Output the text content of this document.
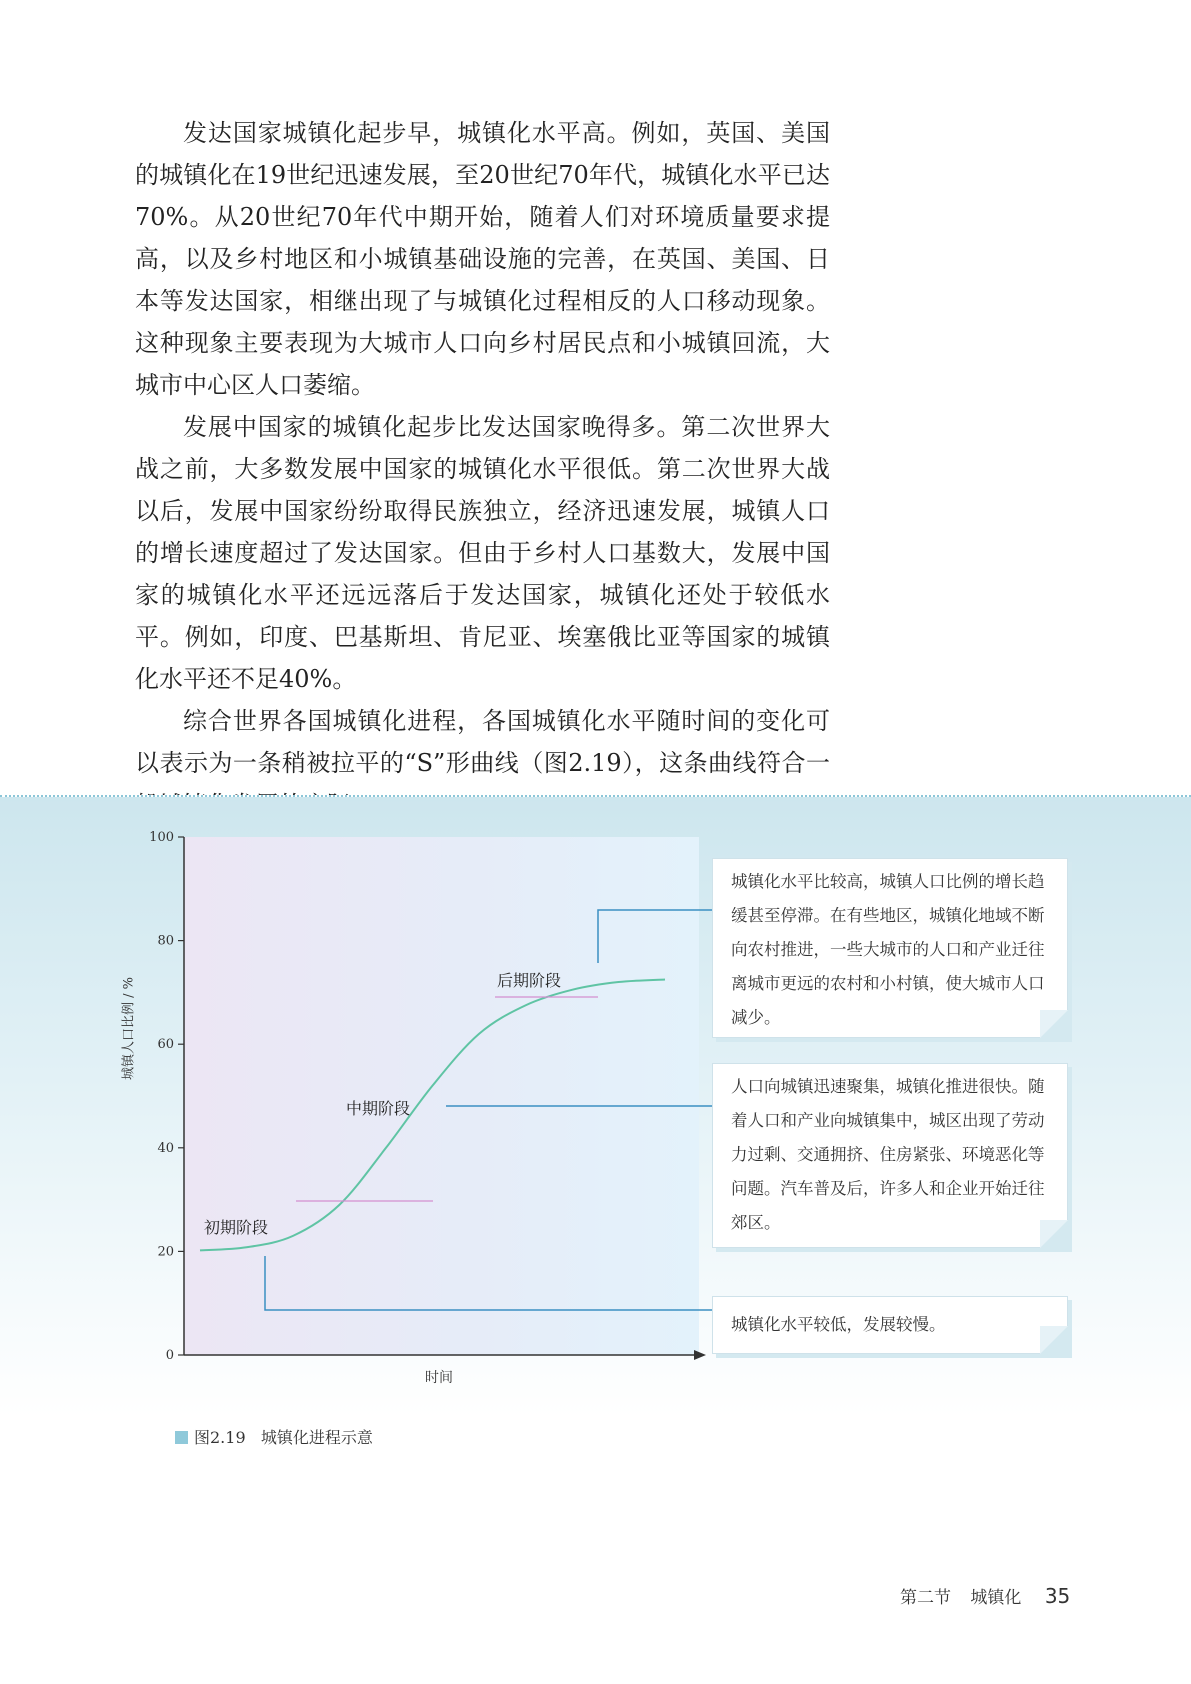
发达国家城镇化起步早，城镇化水平高。例如，英国、美国的城镇化在19世纪迅速发展，至20世纪70年代，城镇化水平已达70%。从20世纪70年代中期开始，随着人们对环境质量要求提高，以及乡村地区和小城镇基础设施的完善，在英国、美国、日本等发达国家，相继出现了与城镇化过程相反的人口移动现象。这种现象主要表现为大城市人口向乡村居民点和小城镇回流，大城市中心区人口萎缩。

发展中国家的城镇化起步比发达国家晚得多。第二次世界大战之前，大多数发展中国家的城镇化水平很低。第二次世界大战以后，发展中国家纷纷取得民族独立，经济迅速发展，城镇人口的增长速度超过了发达国家。但由于乡村人口基数大，发展中国家的城镇化水平还远远落后于发达国家，城镇化还处于较低水平。例如，印度、巴基斯坦、肯尼亚、埃塞俄比亚等国家的城镇化水平还不足40%。

综合世界各国城镇化进程，各国城镇化水平随时间的变化可以表示为一条稍被拉平的“S”形曲线（图2.19），这条曲线符合一

0
20
40
60
80
100
时间
初期阶段
中期阶段
后期阶段
城镇化水平比较高，城镇人口比例的增长趋缓甚至停滞。在有些地区，城镇化地域不断向农村推进，一些大城市的人口和产业迁往离城市更远的农村和小村镇，使大城市人口减少。
人口向城镇迅速聚集，城镇化推进很快。随着人口和产业向城镇集中，城区出现了劳动力过剩、交通拥挤、住房紧张、环境恶化等问题。汽车普及后，许多人和企业开始迁往郊区。
城镇化水平较低，发展较慢。
图2.19 城镇化进程示意
第二节 城镇化 35
